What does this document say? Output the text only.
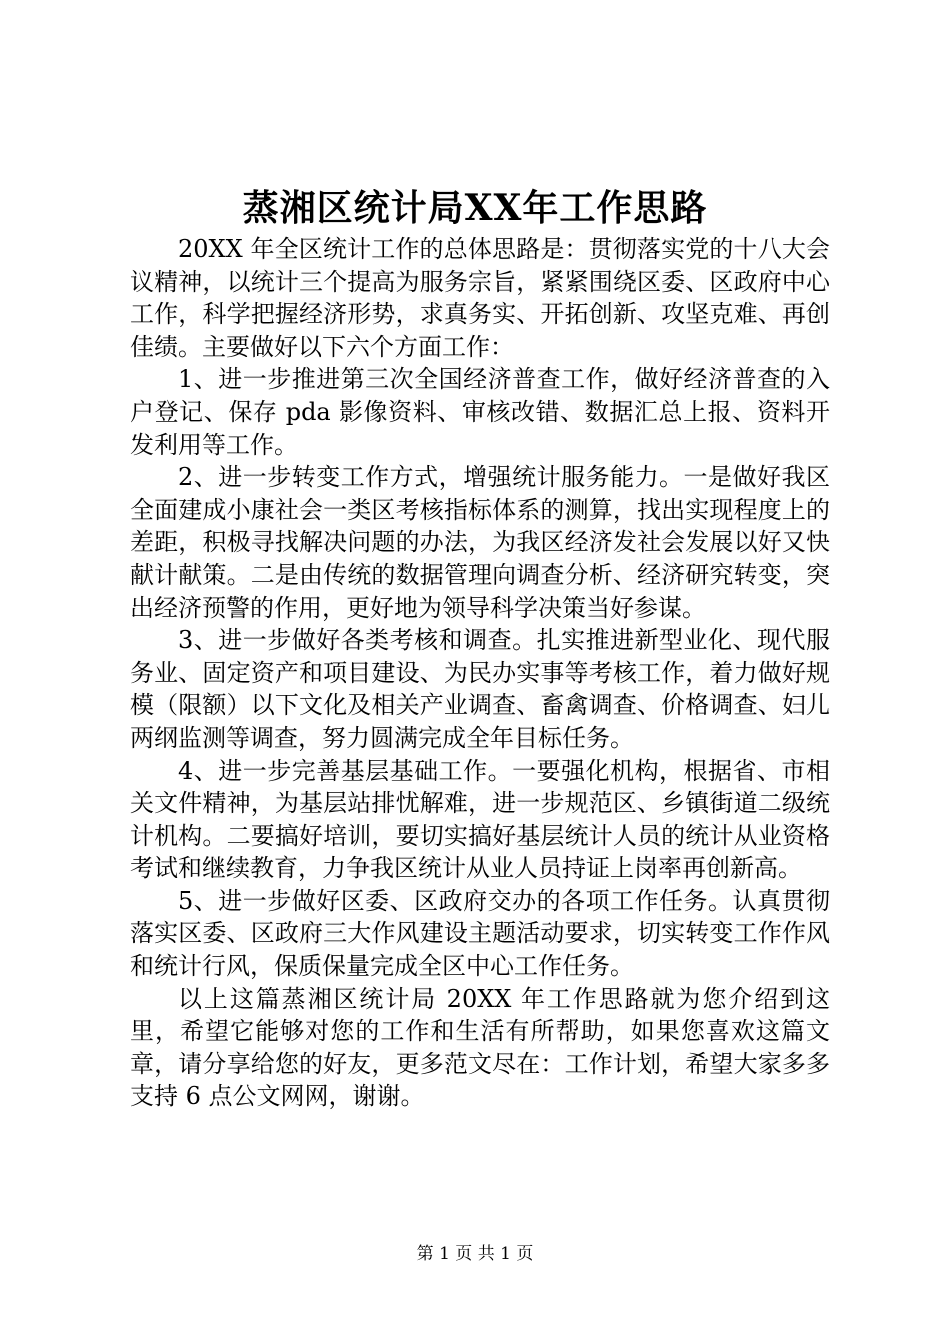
蒸湘区统计局XX年工作思路

20XX 年全区统计工作的总体思路是：贯彻落实党的十八大会议精神，以统计三个提高为服务宗旨，紧紧围绕区委、区政府中心工作，科学把握经济形势，求真务实、开拓创新、攻坚克难、再创佳绩。主要做好以下六个方面工作：

1、进一步推进第三次全国经济普查工作，做好经济普查的入户登记、保存 pda 影像资料、审核改错、数据汇总上报、资料开发利用等工作。

2、进一步转变工作方式，增强统计服务能力。一是做好我区全面建成小康社会一类区考核指标体系的测算，找出实现程度上的差距，积极寻找解决问题的办法，为我区经济发社会发展以好又快献计献策。二是由传统的数据管理向调查分析、经济研究转变，突出经济预警的作用，更好地为领导科学决策当好参谋。

3、进一步做好各类考核和调查。扎实推进新型业化、现代服务业、固定资产和项目建设、为民办实事等考核工作，着力做好规模（限额）以下文化及相关产业调查、畜禽调查、价格调查、妇儿两纲监测等调查，努力圆满完成全年目标任务。

4、进一步完善基层基础工作。一要强化机构，根据省、市相关文件精神，为基层站排忧解难，进一步规范区、乡镇街道二级统计机构。二要搞好培训，要切实搞好基层统计人员的统计从业资格考试和继续教育，力争我区统计从业人员持证上岗率再创新高。

5、进一步做好区委、区政府交办的各项工作任务。认真贯彻落实区委、区政府三大作风建设主题活动要求，切实转变工作作风和统计行风，保质保量完成全区中心工作任务。

以上这篇蒸湘区统计局 20XX 年工作思路就为您介绍到这里，希望它能够对您的工作和生活有所帮助，如果您喜欢这篇文章，请分享给您的好友，更多范文尽在：工作计划，希望大家多多支持 6 点公文网网，谢谢。

第 1 页 共 1 页
